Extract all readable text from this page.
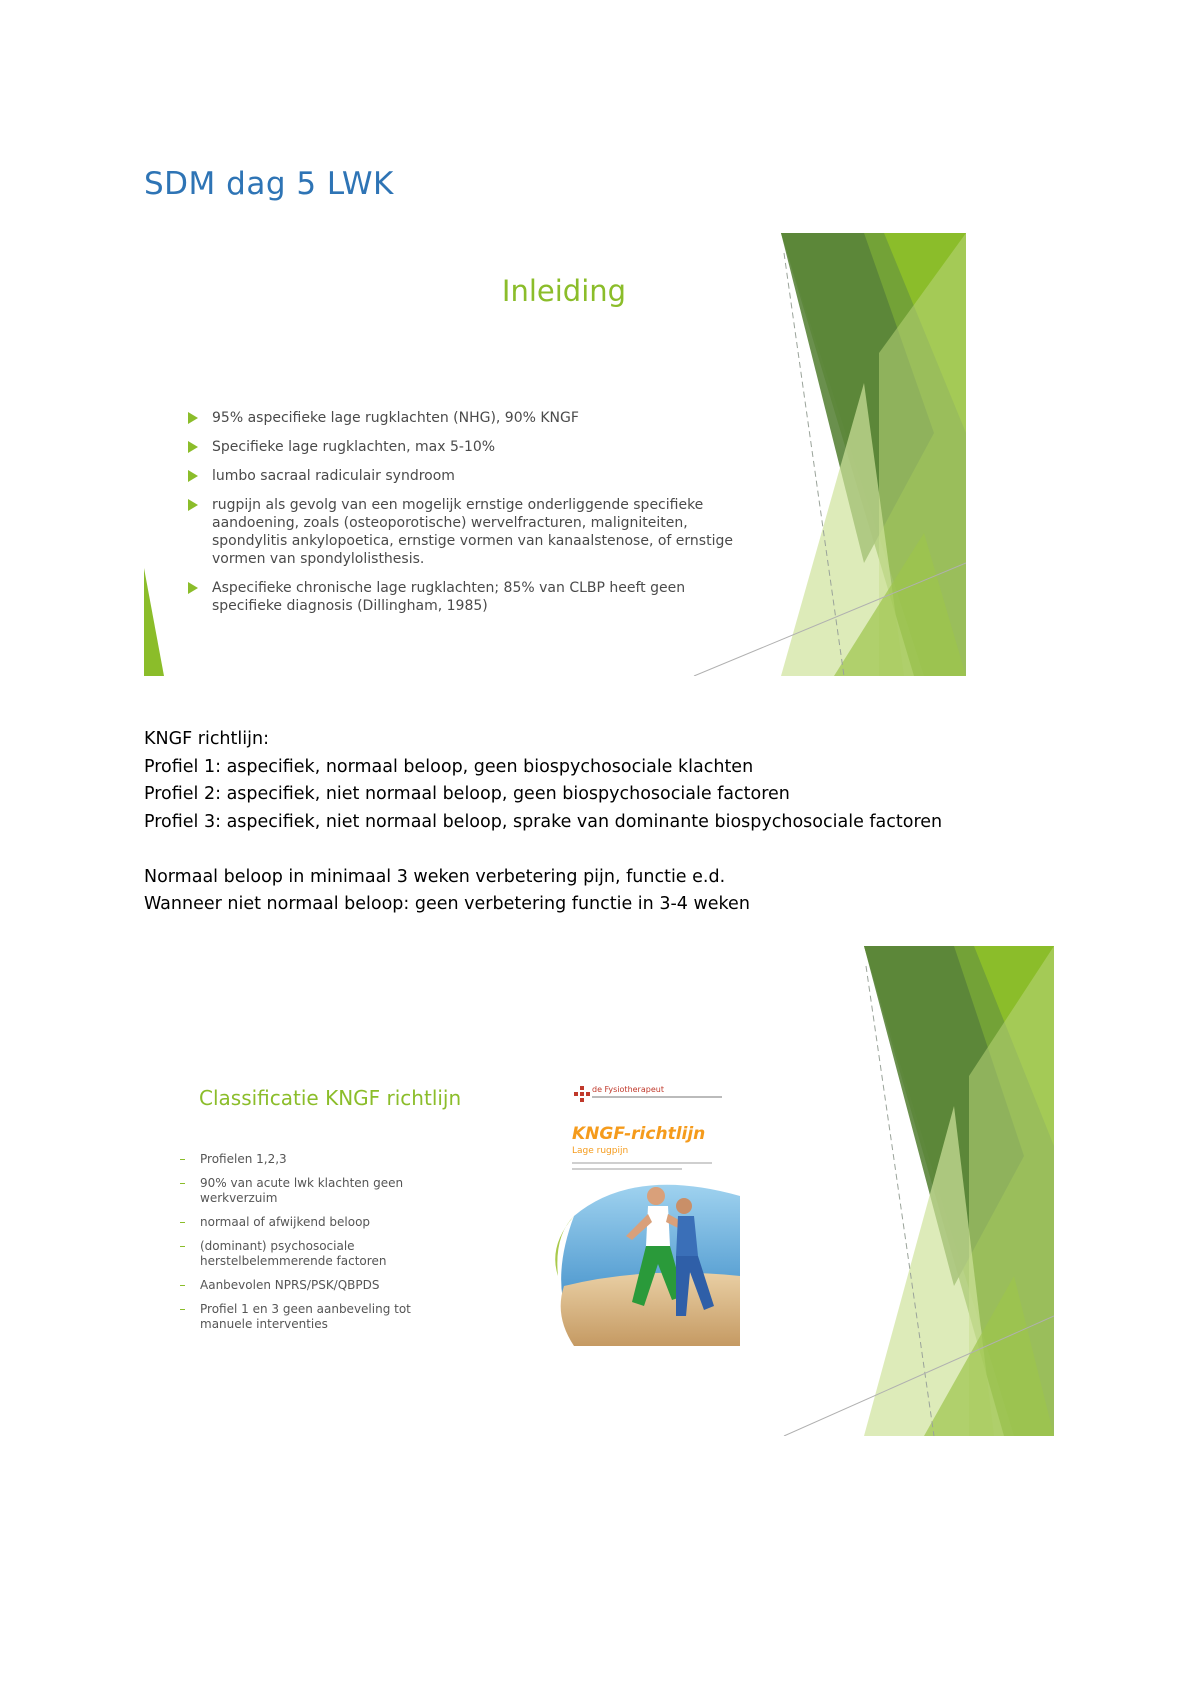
SDM dag 5 LWK
Inleiding
95% aspecifieke lage rugklachten (NHG), 90% KNGF
Specifieke lage rugklachten, max 5-10%
lumbo sacraal radiculair syndroom
rugpijn als gevolg van een mogelijk ernstige onderliggende specifieke aandoening, zoals (osteoporotische) wervelfracturen, maligniteiten, spondylitis ankylopoetica, ernstige vormen van kanaalstenose, of ernstige vormen van spondylolisthesis.
Aspecifieke chronische lage rugklachten; 85% van CLBP heeft geen specifieke diagnosis (Dillingham, 1985)

KNGF richtlijn:

Profiel 1: aspecifiek, normaal beloop, geen biospychosociale klachten

Profiel 2: aspecifiek, niet normaal beloop, geen biospychosociale factoren

Profiel 3: aspecifiek, niet normaal beloop, sprake van dominante biospychosociale factoren

Normaal beloop in minimaal 3 weken verbetering pijn, functie e.d.

Wanneer niet normaal beloop: geen verbetering functie in 3-4 weken

Classificatie KNGF richtlijn
Profielen 1,2,3
90% van acute lwk klachten geen werkverzuim
normaal of afwijkend beloop
(dominant) psychosociale herstelbelemmerende factoren
Aanbevolen NPRS/PSK/QBPDS
Profiel 1 en 3 geen aanbeveling tot manuele interventies
de Fysiotherapeut
KNGF-richtlijn
Lage rugpijn
